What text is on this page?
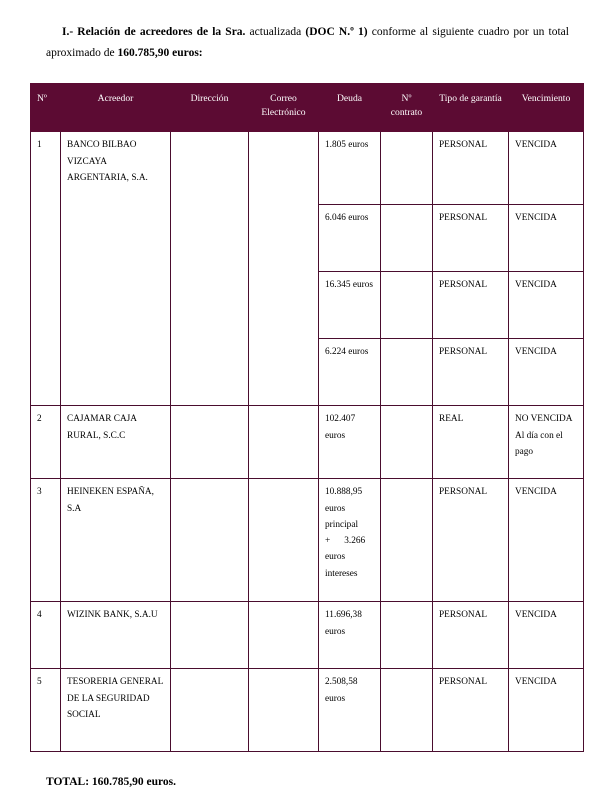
I.- Relación de acreedores de la Sra. actualizada (DOC N.º 1) conforme al siguiente cuadro por un total aproximado de 160.785,90 euros:

Nº	Acreedor	Dirección	Correo Electrónico	Deuda	Nº contrato	Tipo de garantía	Vencimiento
1	BANCO BILBAO VIZCAYA ARGENTARIA, S.A.			1.805 euros		PERSONAL	VENCIDA
				6.046 euros		PERSONAL	VENCIDA
				16.345 euros		PERSONAL	VENCIDA
				6.224 euros		PERSONAL	VENCIDA
2	CAJAMAR CAJA RURAL, S.C.C			102.407 euros		REAL	NO VENCIDA Al día con el pago
3	HEINEKEN ESPAÑA, S.A			10.888,95 euros principal
+ 3.266 euros intereses		PERSONAL	VENCIDA
4	WIZINK BANK, S.A.U			11.696,38 euros		PERSONAL	VENCIDA
5	TESORERIA GENERAL DE LA SEGURIDAD SOCIAL			2.508,58 euros		PERSONAL	VENCIDA

TOTAL: 160.785,90 euros.
